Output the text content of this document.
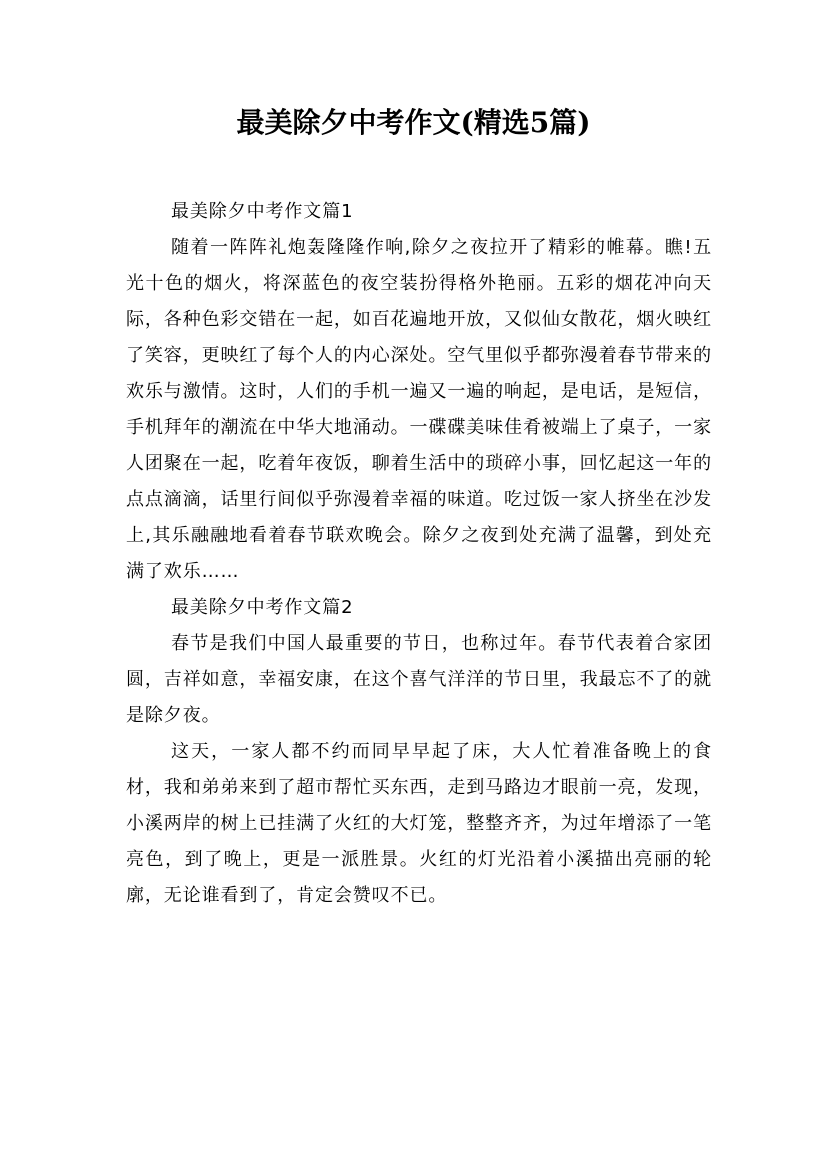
最美除夕中考作文(精选5篇)

最美除夕中考作文篇1

随着一阵阵礼炮轰隆隆作响,除夕之夜拉开了精彩的帷幕。瞧!五光十色的烟火，将深蓝色的夜空装扮得格外艳丽。五彩的烟花冲向天际，各种色彩交错在一起，如百花遍地开放，又似仙女散花，烟火映红了笑容，更映红了每个人的内心深处。空气里似乎都弥漫着春节带来的欢乐与激情。这时，人们的手机一遍又一遍的响起，是电话，是短信，手机拜年的潮流在中华大地涌动。一碟碟美味佳肴被端上了桌子，一家人团聚在一起，吃着年夜饭，聊着生活中的琐碎小事，回忆起这一年的点点滴滴，话里行间似乎弥漫着幸福的味道。吃过饭一家人挤坐在沙发上,其乐融融地看着春节联欢晚会。除夕之夜到处充满了温馨，到处充满了欢乐……

最美除夕中考作文篇2

春节是我们中国人最重要的节日，也称过年。春节代表着合家团圆，吉祥如意，幸福安康，在这个喜气洋洋的节日里，我最忘不了的就是除夕夜。

这天，一家人都不约而同早早起了床，大人忙着准备晚上的食材，我和弟弟来到了超市帮忙买东西，走到马路边才眼前一亮，发现，小溪两岸的树上已挂满了火红的大灯笼，整整齐齐，为过年增添了一笔亮色，到了晚上，更是一派胜景。火红的灯光沿着小溪描出亮丽的轮廓，无论谁看到了，肯定会赞叹不已。
